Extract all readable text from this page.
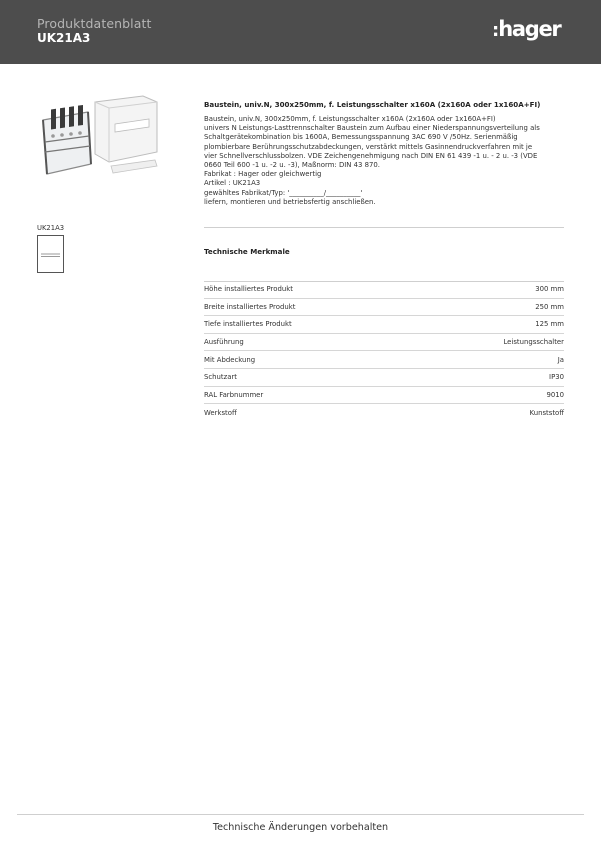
Produktdatenblatt
UK21A3	:hager
Baustein, univ.N, 300x250mm, f. Leistungsschalter x160A (2x160A oder 1x160A+FI)
Baustein, univ.N, 300x250mm, f. Leistungsschalter x160A (2x160A oder 1x160A+FI)
univers N Leistungs-Lasttrennschalter Baustein zum Aufbau einer Niederspannungsverteilung als
Schaltgerätekombination bis 1600A, Bemessungsspannung 3AC 690 V /50Hz. Serienmäßig
plombierbare Berührungsschutzabdeckungen, verstärkt mittels Gasinnendruckverfahren mit je
vier Schnellverschlussbolzen. VDE Zeichengenehmigung nach DIN EN 61 439 -1 u. - 2 u. -3 (VDE
0660 Teil 600 -1 u. -2 u. -3), Maßnorm: DIN 43 870.
Fabrikat : Hager oder gleichwertig
Artikel : UK21A3
gewähltes Fabrikat/Typ: '__________/__________'
liefern, montieren und betriebsfertig anschließen.
UK21A3
Technische Merkmale
Höhe installiertes Produkt	300 mm
Breite installiertes Produkt	250 mm
Tiefe installiertes Produkt	125 mm
Ausführung	Leistungsschalter
Mit Abdeckung	Ja
Schutzart	IP30
RAL Farbnummer	9010
Werkstoff	Kunststoff
Technische Änderungen vorbehalten
